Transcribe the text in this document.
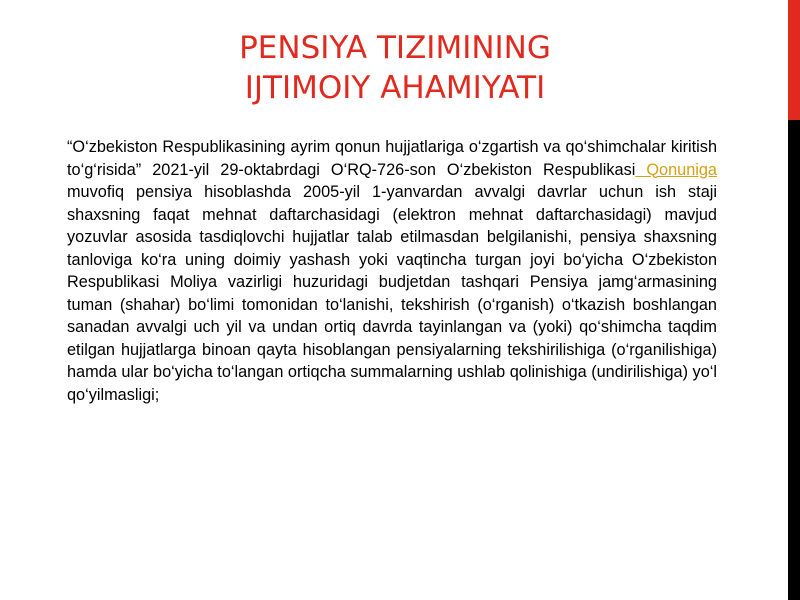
PENSIYA TIZIMINING
IJTIMOIY AHAMIYATI

“O‘zbekiston Respublikasining ayrim qonun hujjatlariga o‘zgartish va qo‘shimchalar kiritish to‘g‘risida” 2021-yil 29-oktabrdagi O‘RQ-726-son O‘zbekiston Respublikasi Qonuniga muvofiq pensiya hisoblashda 2005-yil 1-yanvardan avvalgi davrlar uchun ish staji shaxsning faqat mehnat daftarchasidagi (elektron mehnat daftarchasidagi) mavjud yozuvlar asosida tasdiqlovchi hujjatlar talab etilmasdan belgilanishi, pensiya shaxsning tanloviga ko‘ra uning doimiy yashash yoki vaqtincha turgan joyi bo‘yicha O‘zbekiston Respublikasi Moliya vazirligi huzuridagi budjetdan tashqari Pensiya jamg‘armasining tuman (shahar) bo‘limi tomonidan to‘lanishi, tekshirish (o‘rganish) o‘tkazish boshlangan sanadan avvalgi uch yil va undan ortiq davrda tayinlangan va (yoki) qo‘shimcha taqdim etilgan hujjatlarga binoan qayta hisoblangan pensiyalarning tekshirilishiga (o‘rganilishiga) hamda ular bo‘yicha to‘langan ortiqcha summalarning ushlab qolinishiga (undirilishiga) yo‘l qo‘yilmasligi;
